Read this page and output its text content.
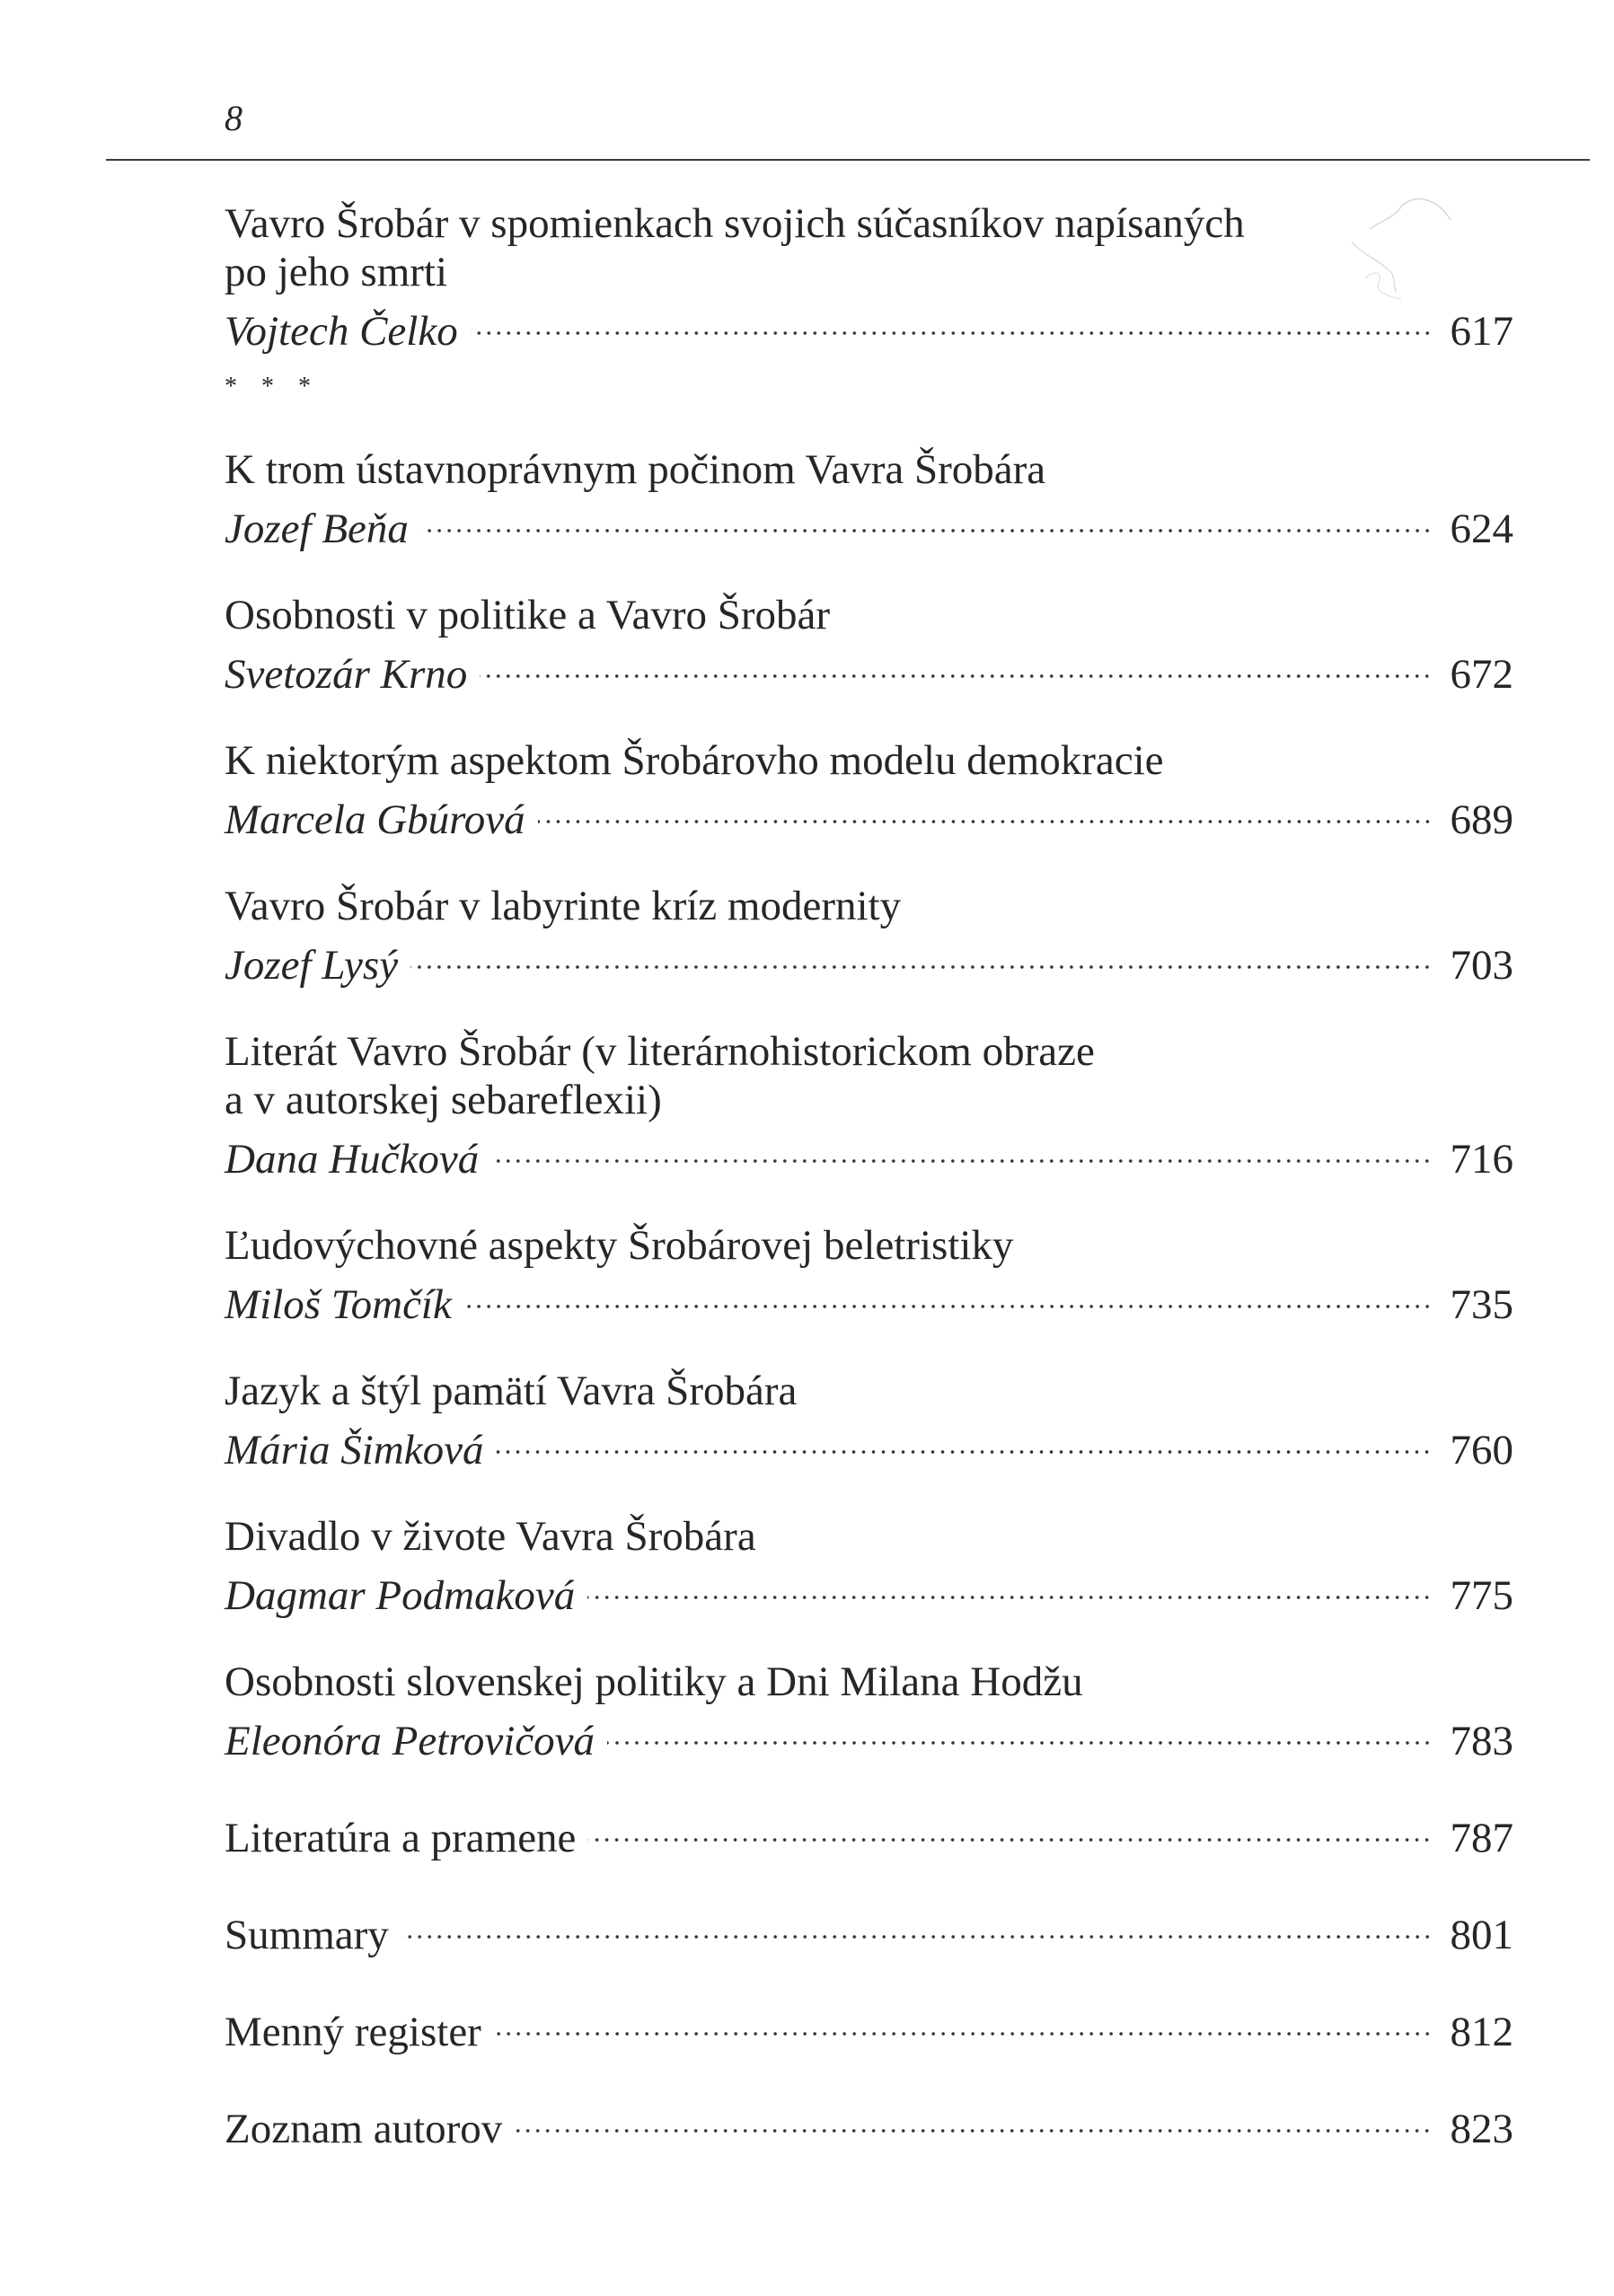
8
Vavro Šrobár v spomienkach svojich súčasníkov napísaných
po jeho smrti
Vojtech Čelko	617
* * *
K trom ústavnoprávnym počinom Vavra Šrobára
Jozef Beňa	624
Osobnosti v politike a Vavro Šrobár
Svetozár Krno	672
K niektorým aspektom Šrobárovho modelu demokracie
Marcela Gbúrová	689
Vavro Šrobár v labyrinte kríz modernity
Jozef Lysý	703
Literát Vavro Šrobár (v literárnohistorickom obraze
a v autorskej sebareflexii)
Dana Hučková	716
Ľudovýchovné aspekty Šrobárovej beletristiky
Miloš Tomčík	735
Jazyk a štýl pamätí Vavra Šrobára
Mária Šimková	760
Divadlo v živote Vavra Šrobára
Dagmar Podmaková	775
Osobnosti slovenskej politiky a Dni Milana Hodžu
Eleonóra Petrovičová	783
Literatúra a pramene	787
Summary	801
Menný register	812
Zoznam autorov	823
